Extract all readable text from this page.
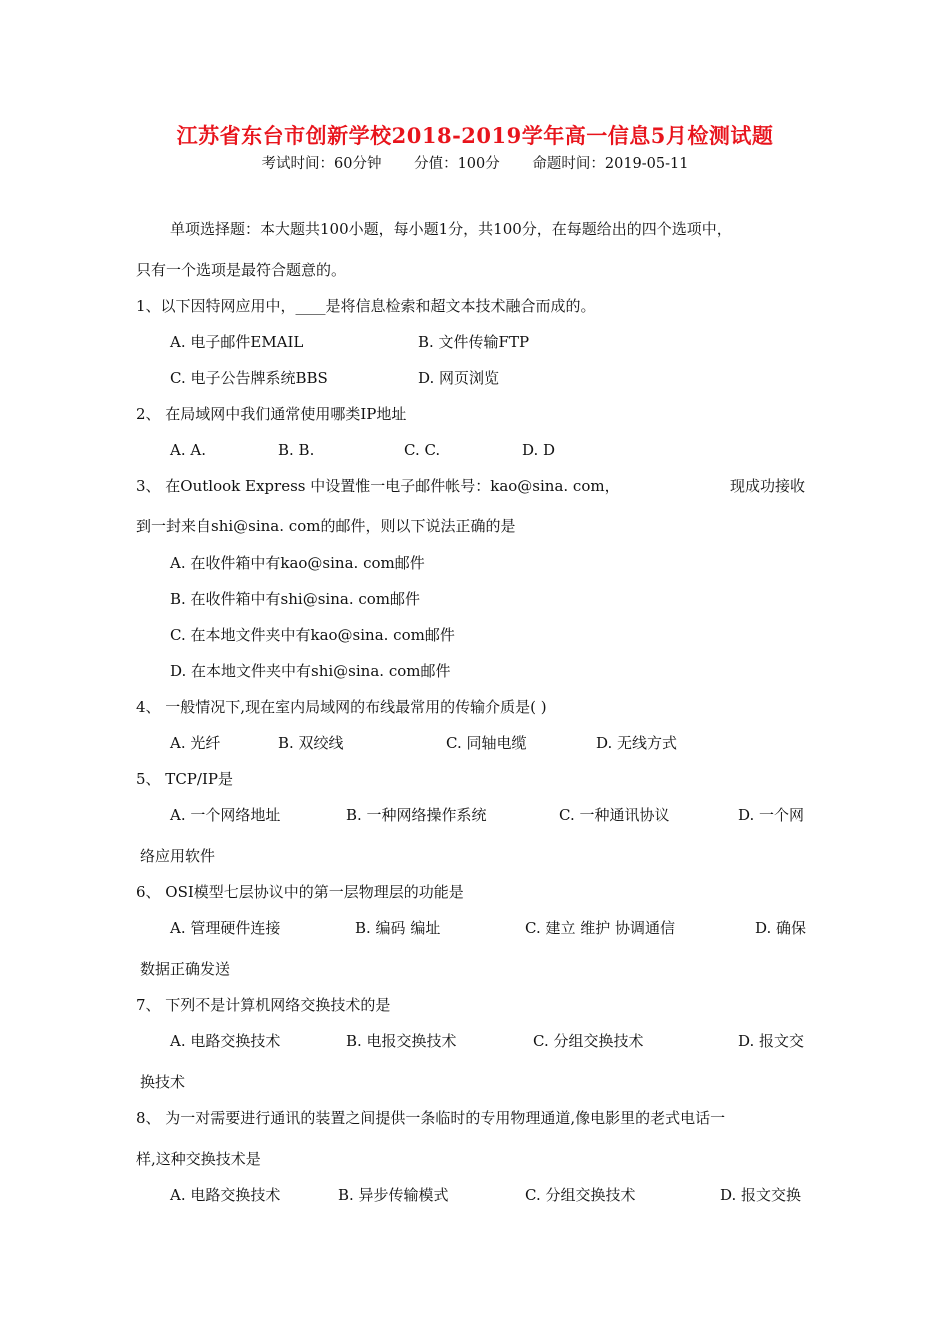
江苏省东台市创新学校2018-2019学年高一信息5月检测试题
考试时间：60分钟 分值：100分 命题时间：2019-05-11
单项选择题：本大题共100小题，每小题1分，共100分，在每题给出的四个选项中，
只有一个选项是最符合题意的。
1、以下因特网应用中，____是将信息检索和超文本技术融合而成的。
A. 电子邮件EMAIL	B. 文件传输FTP
C. 电子公告牌系统BBS	D. 网页浏览
2、 在局域网中我们通常使用哪类IP地址
A. A.	B. B.	C. C.	D. D
3、 在Outlook Express 中设置惟一电子邮件帐号：kao@sina. com，	现成功接收
到一封来自shi@sina. com的邮件，则以下说法正确的是
A. 在收件箱中有kao@sina. com邮件
B. 在收件箱中有shi@sina. com邮件
C. 在本地文件夹中有kao@sina. com邮件
D. 在本地文件夹中有shi@sina. com邮件
4、 一般情况下,现在室内局域网的布线最常用的传输介质是( )
A. 光纤	B. 双绞线	C. 同轴电缆	D. 无线方式
5、 TCP/IP是
A. 一个网络地址	B. 一种网络操作系统	C. 一种通讯协议	D. 一个网
络应用软件
6、 OSI模型七层协议中的第一层物理层的功能是
A. 管理硬件连接	B. 编码 编址	C. 建立 维护 协调通信	D. 确保
数据正确发送
7、 下列不是计算机网络交换技术的是
A. 电路交换技术	B. 电报交换技术	C. 分组交换技术	D. 报文交
换技术
8、 为一对需要进行通讯的装置之间提供一条临时的专用物理通道,像电影里的老式电话一
样,这种交换技术是
A. 电路交换技术	B. 异步传输模式	C. 分组交换技术	D. 报文交换
